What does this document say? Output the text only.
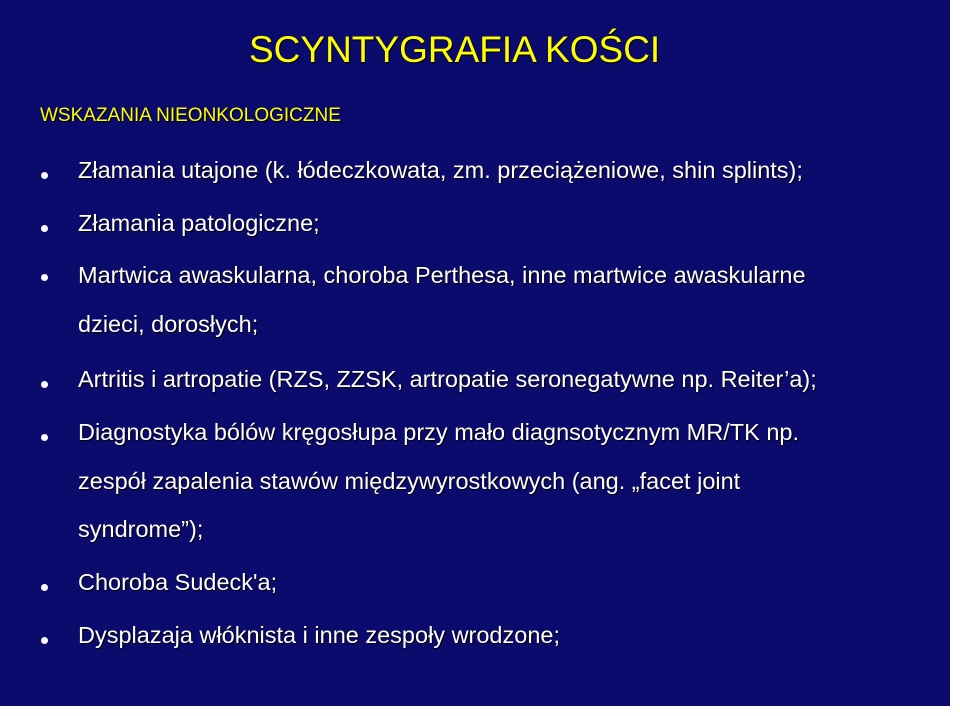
SCYNTYGRAFIA KOŚCI
WSKAZANIA NIEONKOLOGICZNE
Złamania utajone (k. łódeczkowata, zm. przeciążeniowe, shin splints);
Złamania patologiczne;
Martwica awaskularna, choroba Perthesa, inne martwice awaskularne
dzieci, dorosłych;
Artritis i artropatie (RZS, ZZSK, artropatie seronegatywne np. Reiter’a);
Diagnostyka bólów kręgosłupa przy mało diagnsotycznym MR/TK np.
zespół zapalenia stawów międzywyrostkowych (ang. „facet joint
syndrome”);
Choroba Sudeck'a;
Dysplazaja włóknista i inne zespoły wrodzone;
